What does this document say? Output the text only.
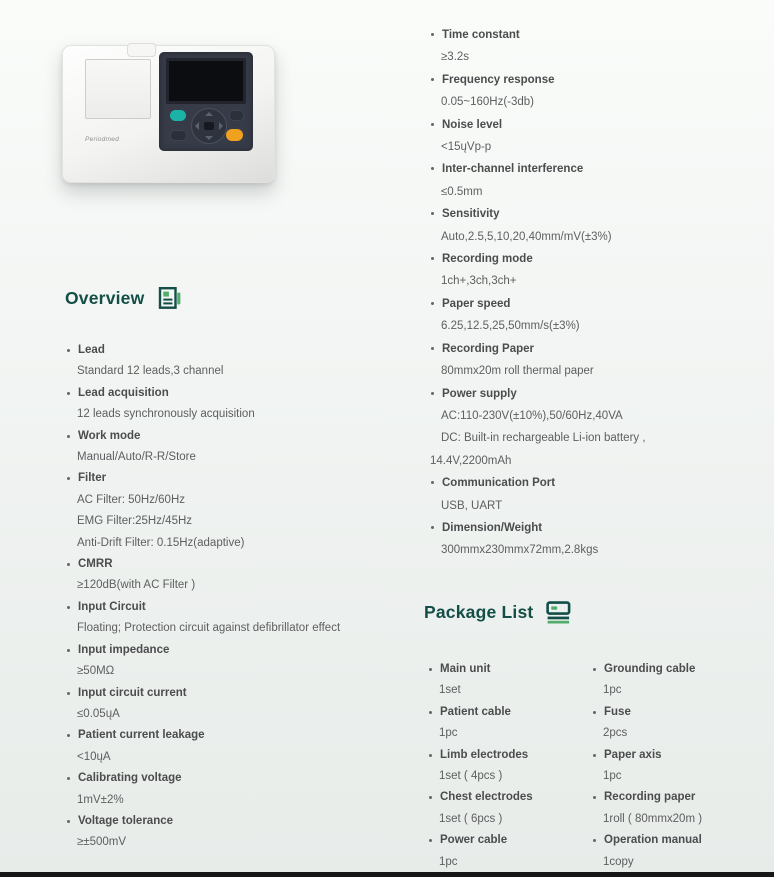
Periodmed
Overview
Lead
Standard 12 leads,3 channel
Lead acquisition
12 leads synchronously acquisition
Work mode
Manual/Auto/R-R/Store
Filter
AC Filter: 50Hz/60Hz
EMG Filter:25Hz/45Hz
Anti-Drift Filter: 0.15Hz(adaptive)
CMRR
≥120dB(with AC Filter )
Input Circuit
Floating; Protection circuit against defibrillator effect
Input impedance
≥50MΩ
Input circuit current
≤0.05ųA
Patient current leakage
<10ųA
Calibrating voltage
1mV±2%
Voltage tolerance
≥±500mV
Time constant
≥3.2s
Frequency response
0.05~160Hz(-3db)
Noise level
<15ųVp-p
Inter-channel interference
≤0.5mm
Sensitivity
Auto,2.5,5,10,20,40mm/mV(±3%)
Recording mode
1ch+,3ch,3ch+
Paper speed
6.25,12.5,25,50mm/s(±3%)
Recording Paper
80mmx20m roll thermal paper
Power supply
AC:110-230V(±10%),50/60Hz,40VA
DC: Built-in rechargeable Li-ion battery , 14.4V,2200mAh
Communication Port
USB, UART
Dimension/Weight
300mmx230mmx72mm,2.8kgs
Package List
Main unit
1set
Patient cable
1pc
Limb electrodes
1set ( 4pcs )
Chest electrodes
1set ( 6pcs )
Power cable
1pc
Grounding cable
1pc
Fuse
2pcs
Paper axis
1pc
Recording paper
1roll ( 80mmx20m )
Operation manual
1copy
